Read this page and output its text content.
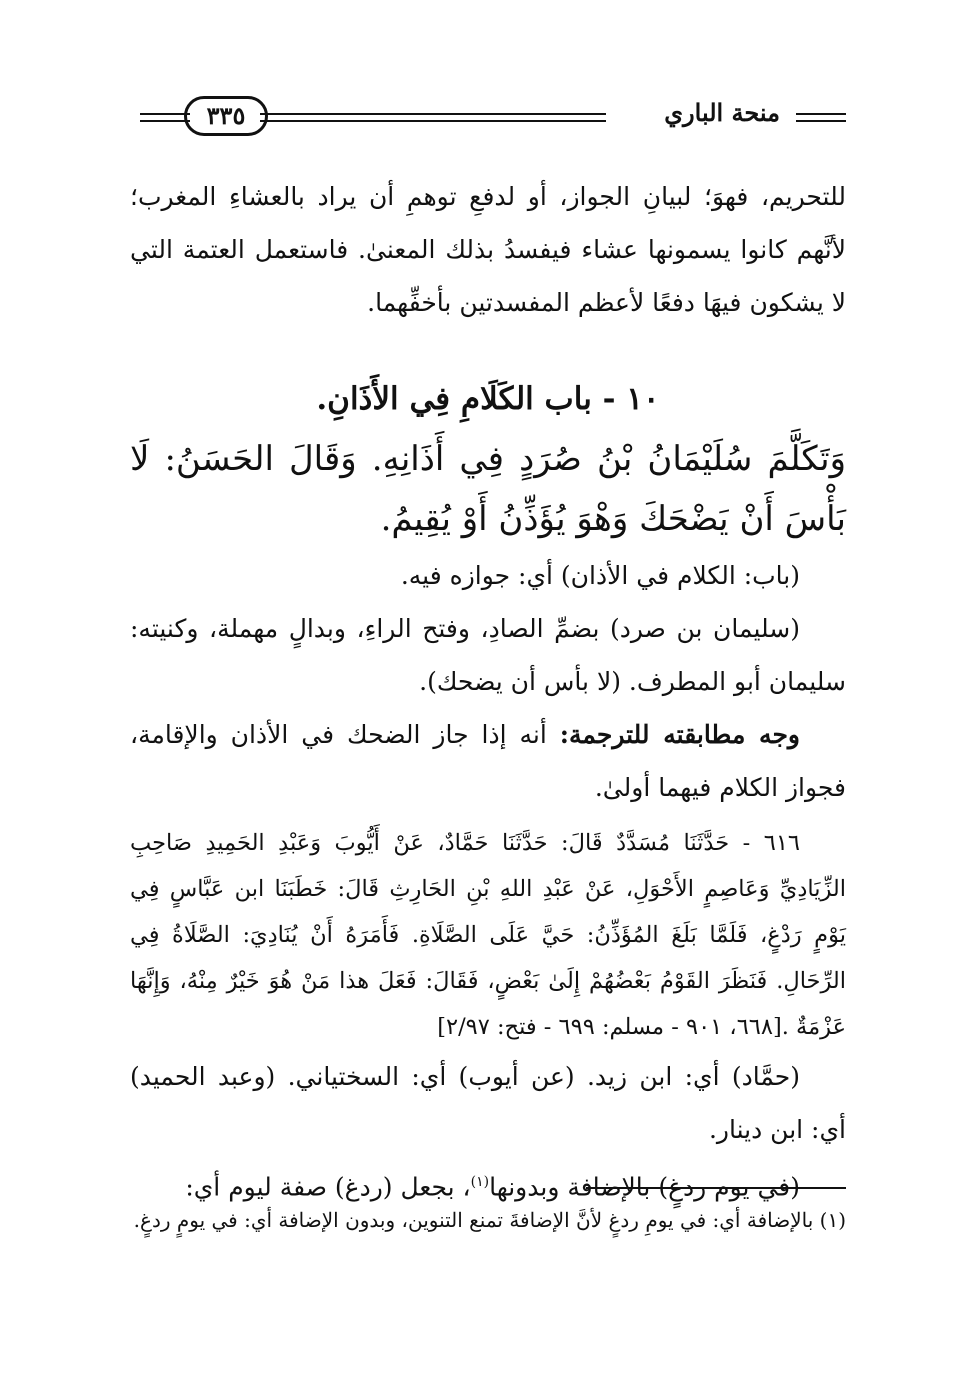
منحة الباري
٣٣٥

للتحريم، فهوَ؛ لبيانِ الجواز، أو لدفعِ توهمِ أن يراد بالعشاءِ المغرب؛ لأنَّهم كانوا يسمونها عشاء فيفسدُ بذلك المعنىٰ. فاستعمل العتمة التي لا يشكون فيهَا دفعًا لأعظم المفسدتين بأخفِّهما.

١٠ - باب الكَلَامِ فِي الأَذَانِ.

وَتَكَلَّمَ سُلَيْمَانُ بْنُ صُرَدٍ فِي أَذَانِهِ. وَقَالَ الحَسَنُ: لَا بَأْسَ أَنْ يَضْحَكَ وَهْوَ يُؤَذِّنُ أَوْ يُقِيمُ.

(باب: الكلام في الأذان) أي: جوازه فيه.

(سليمان بن صرد) بضمِّ الصادِ، وفتح الراءِ، وبدالٍ مهملة، وكنيته: سليمان أبو المطرف. (لا بأس أن يضحك).

وجه مطابقته للترجمة: أنه إذا جاز الضحك في الأذان والإقامة، فجواز الكلام فيهما أولىٰ.

٦١٦ - حَدَّثَنَا مُسَدَّدٌ قَالَ: حَدَّثَنَا حَمَّادٌ، عَنْ أَيُّوبَ وَعَبْدِ الحَمِيدِ صَاحِبِ الزِّيَادِيِّ وَعَاصِمٍ الأَحْوَلِ، عَنْ عَبْدِ اللهِ بْنِ الحَارِثِ قَالَ: خَطَبَنَا ابن عَبَّاسٍ فِي يَوْمٍ رَدْغٍ، فَلَمَّا بَلَغَ المُؤَذِّنُ: حَيَّ عَلَى الصَّلَاةِ. فَأَمَرَهُ أَنْ يُنَادِيَ: الصَّلَاةُ فِي الرِّحَالِ. فَنَظَرَ القَوْمُ بَعْضُهُمْ إِلَىٰ بَعْضٍ، فَقَالَ: فَعَلَ هذا مَنْ هُوَ خَيْرٌ مِنْهُ، وَإِنَّهَا عَزْمَةٌ .[٦٦٨، ٩٠١ - مسلم: ٦٩٩ - فتح: ٢/٩٧]

(حمَّاد) أي: ابن زيد. (عن أيوب) أي: السختياني. (وعبد الحميد) أي: ابن دينار.

(في يوم ردغٍ) بالإضافة وبدونها$^{(١)}$، بجعل (ردغ) صفة ليوم أي:

(١) بالإضافة أي: في يومِ ردغٍ لأنَّ الإضافةَ تمنع التنوين، وبدون الإضافة أي: في يومٍ ردغٍ.
